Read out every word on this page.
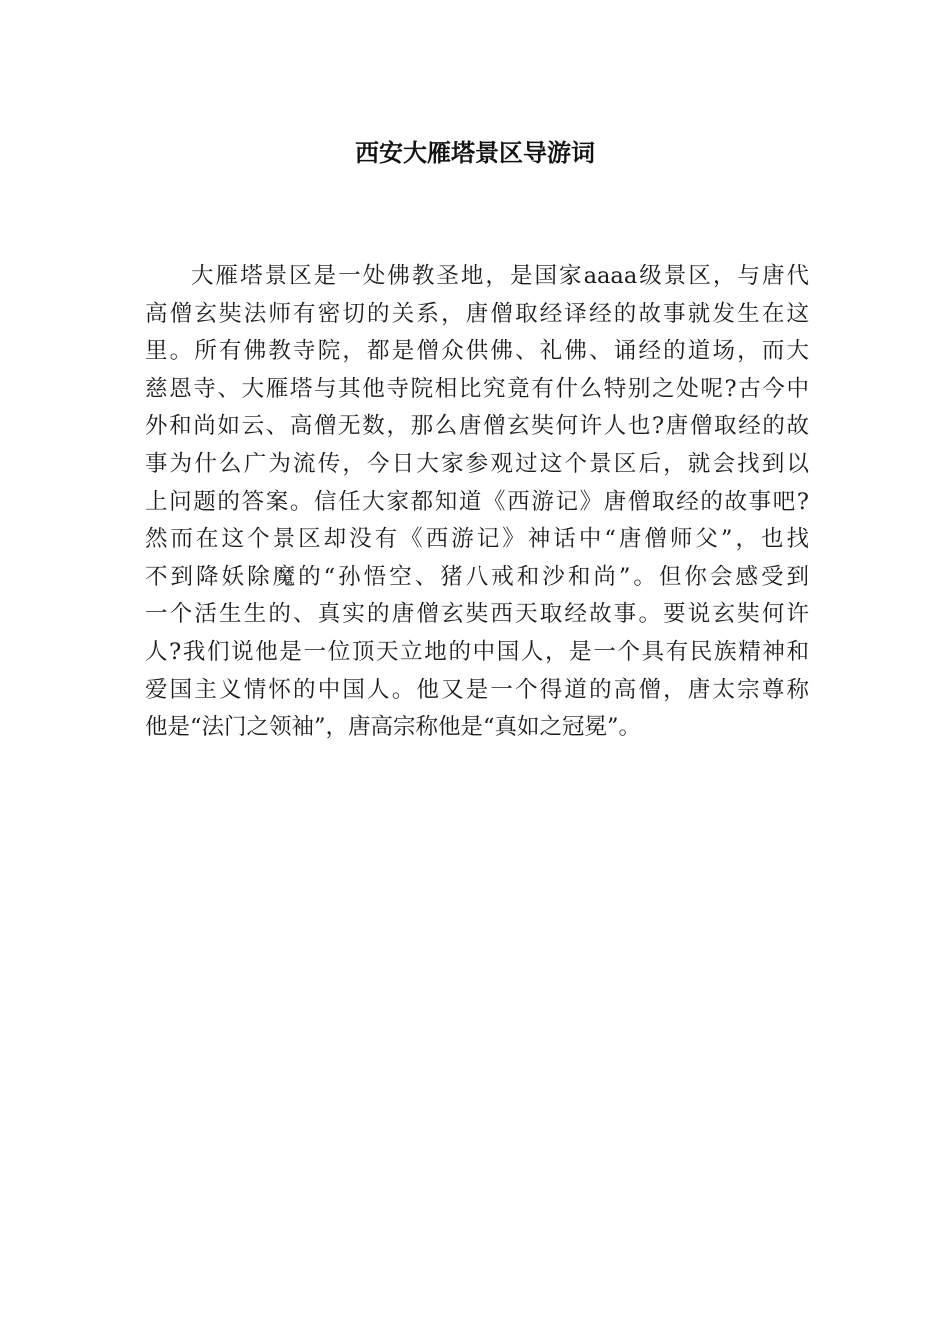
西安大雁塔景区导游词
大雁塔景区是一处佛教圣地，是国家aaaa级景区，与唐代
高僧玄奘法师有密切的关系，唐僧取经译经的故事就发生在这
里。所有佛教寺院，都是僧众供佛、礼佛、诵经的道场，而大
慈恩寺、大雁塔与其他寺院相比究竟有什么特别之处呢?古今中
外和尚如云、高僧无数，那么唐僧玄奘何许人也?唐僧取经的故
事为什么广为流传，今日大家参观过这个景区后，就会找到以
上问题的答案。信任大家都知道《西游记》唐僧取经的故事吧?
然而在这个景区却没有《西游记》神话中“唐僧师父”，也找
不到降妖除魔的“孙悟空、猪八戒和沙和尚”。但你会感受到
一个活生生的、真实的唐僧玄奘西天取经故事。要说玄奘何许
人?我们说他是一位顶天立地的中国人，是一个具有民族精神和
爱国主义情怀的中国人。他又是一个得道的高僧，唐太宗尊称
他是“法门之领袖”，唐高宗称他是“真如之冠冕”。
